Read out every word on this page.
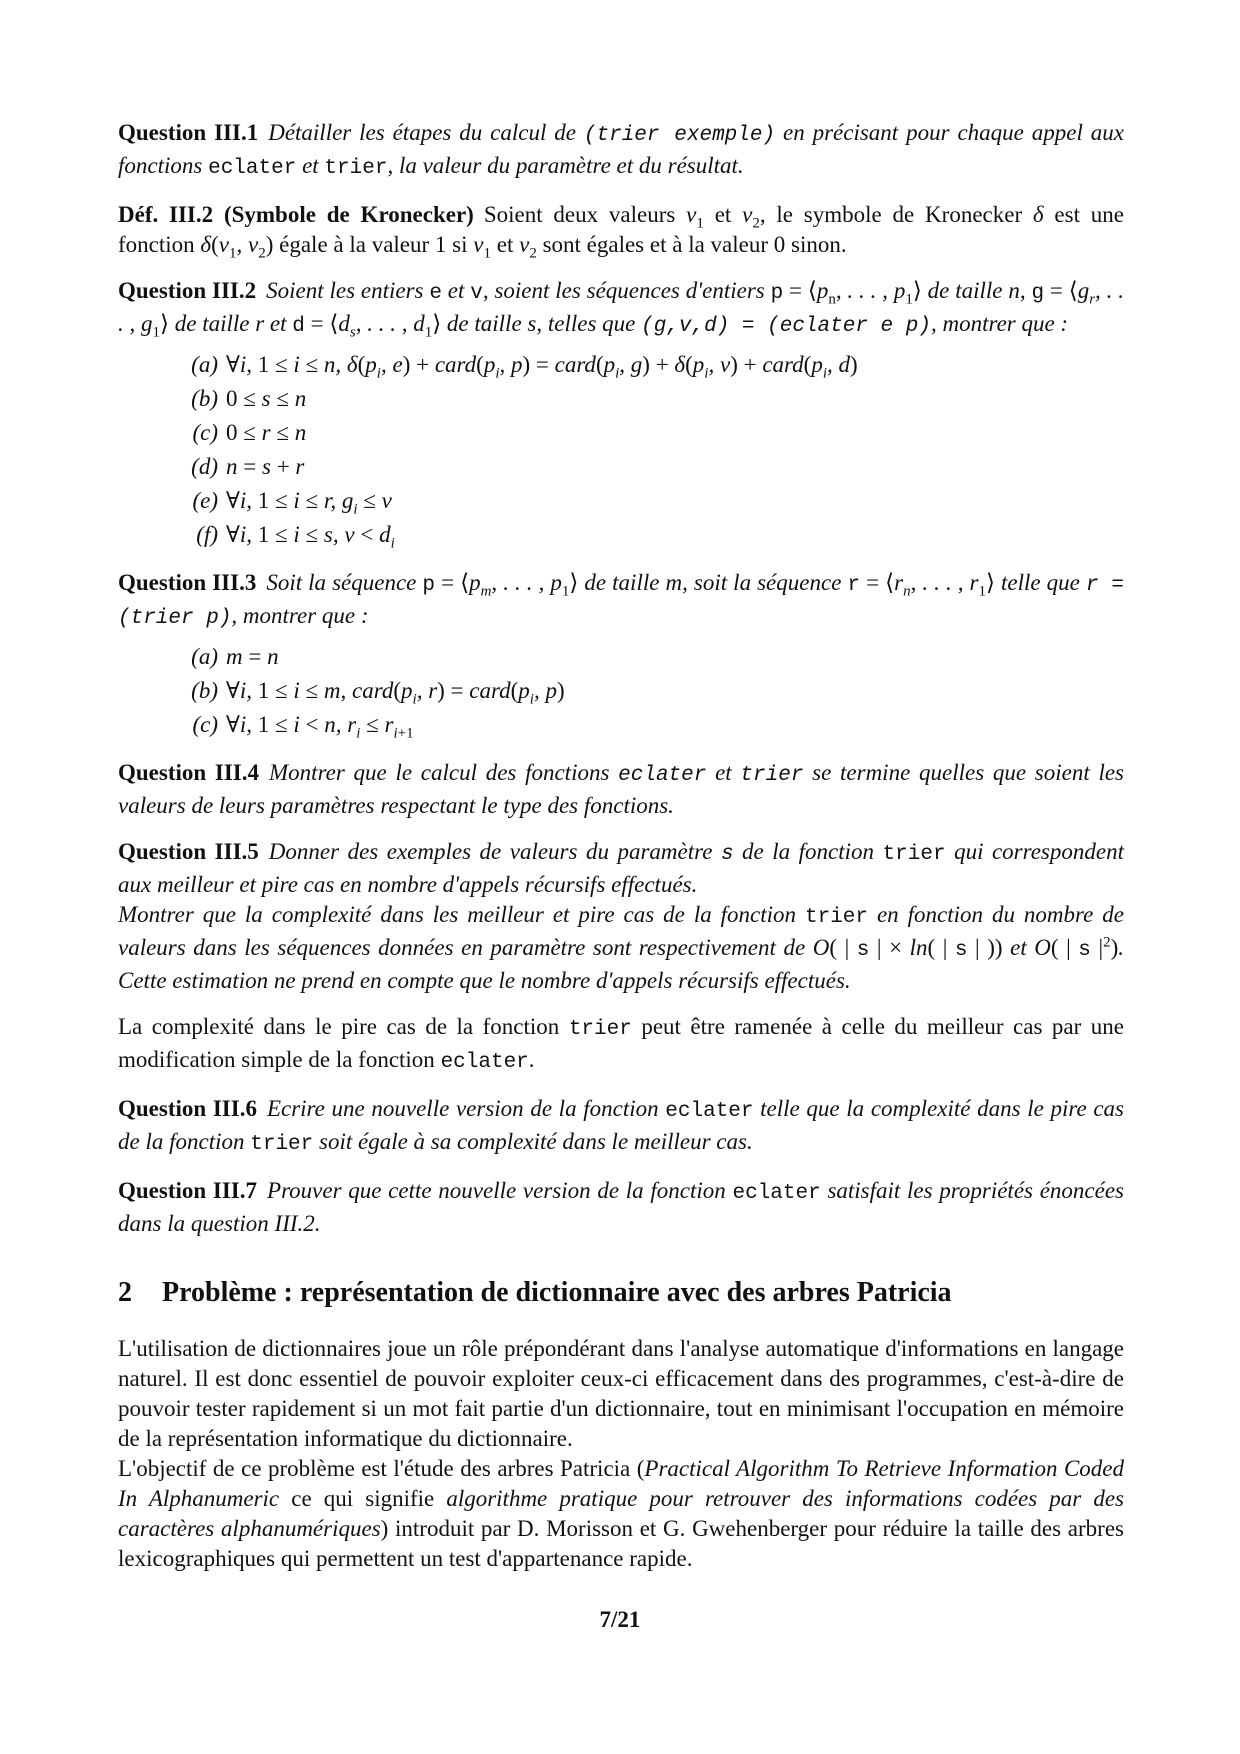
Question III.1 Détailler les étapes du calcul de (trier exemple) en précisant pour chaque appel aux fonctions eclater et trier, la valeur du paramètre et du résultat.

Déf. III.2 (Symbole de Kronecker) Soient deux valeurs $v_1$ et $v_2$, le symbole de Kronecker δ est une fonction $\delta(v_1$, $v_2$) égale à la valeur 1 si $v_1$ et $v_2$ sont égales et à la valeur 0 sinon.

Question III.2 Soient les entiers e et v, soient les séquences d'entiers $p = ⟨p_n$, . . . , $p_1⟩$ de taille n, $g = ⟨g_r$, . . . , $g_1⟩$ de taille r et $d = ⟨d_s$, . . . , $d_1⟩$ de taille s, telles que (g,v,d) = (eclater e p), montrer que :
(a) ∀i, 1 ≤ i ≤ n, $\delta(p_i$, $e) + card(p_i$, $p) = card(p_i$, $g) + \delta(p_i$, $v) + card(p_i$, d)
(b) 0 ≤ s ≤ n
(c) 0 ≤ r ≤ n
(d) n = s + r
(e) ∀i, 1 ≤ i ≤ r, $g_i \le v$
(f) ∀i, 1 ≤ i ≤ s, $v < d_i$
Question III.3 Soit la séquence $p = ⟨p_m$, . . . , $p_1⟩$ de taille m, soit la séquence $r = ⟨r_n$, . . . , $r_1⟩$ telle que r = (trier p), montrer que :
(a) m = n
(b) ∀i, 1 ≤ i ≤ m, $card(p_i$, $r) = card(p_i$, p)
(c) ∀i, 1 ≤ i < n, $r_i \le r_{i+1}$

Question III.4 Montrer que le calcul des fonctions eclater et trier se termine quelles que soient les valeurs de leurs paramètres respectant le type des fonctions.

Question III.5 Donner des exemples de valeurs du paramètre s de la fonction trier qui correspondent aux meilleur et pire cas en nombre d'appels récursifs effectués.
Montrer que la complexité dans les meilleur et pire cas de la fonction trier en fonction du nombre de valeurs dans les séquences données en paramètre sont respectivement de O( | s | × ln( | s | )) et O( | s $|^2$). Cette estimation ne prend en compte que le nombre d'appels récursifs effectués.

La complexité dans le pire cas de la fonction trier peut être ramenée à celle du meilleur cas par une modification simple de la fonction eclater.

Question III.6 Ecrire une nouvelle version de la fonction eclater telle que la complexité dans le pire cas de la fonction trier soit égale à sa complexité dans le meilleur cas.

Question III.7 Prouver que cette nouvelle version de la fonction eclater satisfait les propriétés énoncées dans la question III.2.

2 Problème : représentation de dictionnaire avec des arbres Patricia
L'utilisation de dictionnaires joue un rôle prépondérant dans l'analyse automatique d'informations en langage naturel. Il est donc essentiel de pouvoir exploiter ceux-ci efficacement dans des programmes, c'est-à-dire de pouvoir tester rapidement si un mot fait partie d'un dictionnaire, tout en minimisant l'occupation en mémoire de la représentation informatique du dictionnaire.
L'objectif de ce problème est l'étude des arbres Patricia (Practical Algorithm To Retrieve Information Coded In Alphanumeric ce qui signifie algorithme pratique pour retrouver des informations codées par des caractères alphanumériques) introduit par D. Morisson et G. Gwehenberger pour réduire la taille des arbres lexicographiques qui permettent un test d'appartenance rapide.
7/21
